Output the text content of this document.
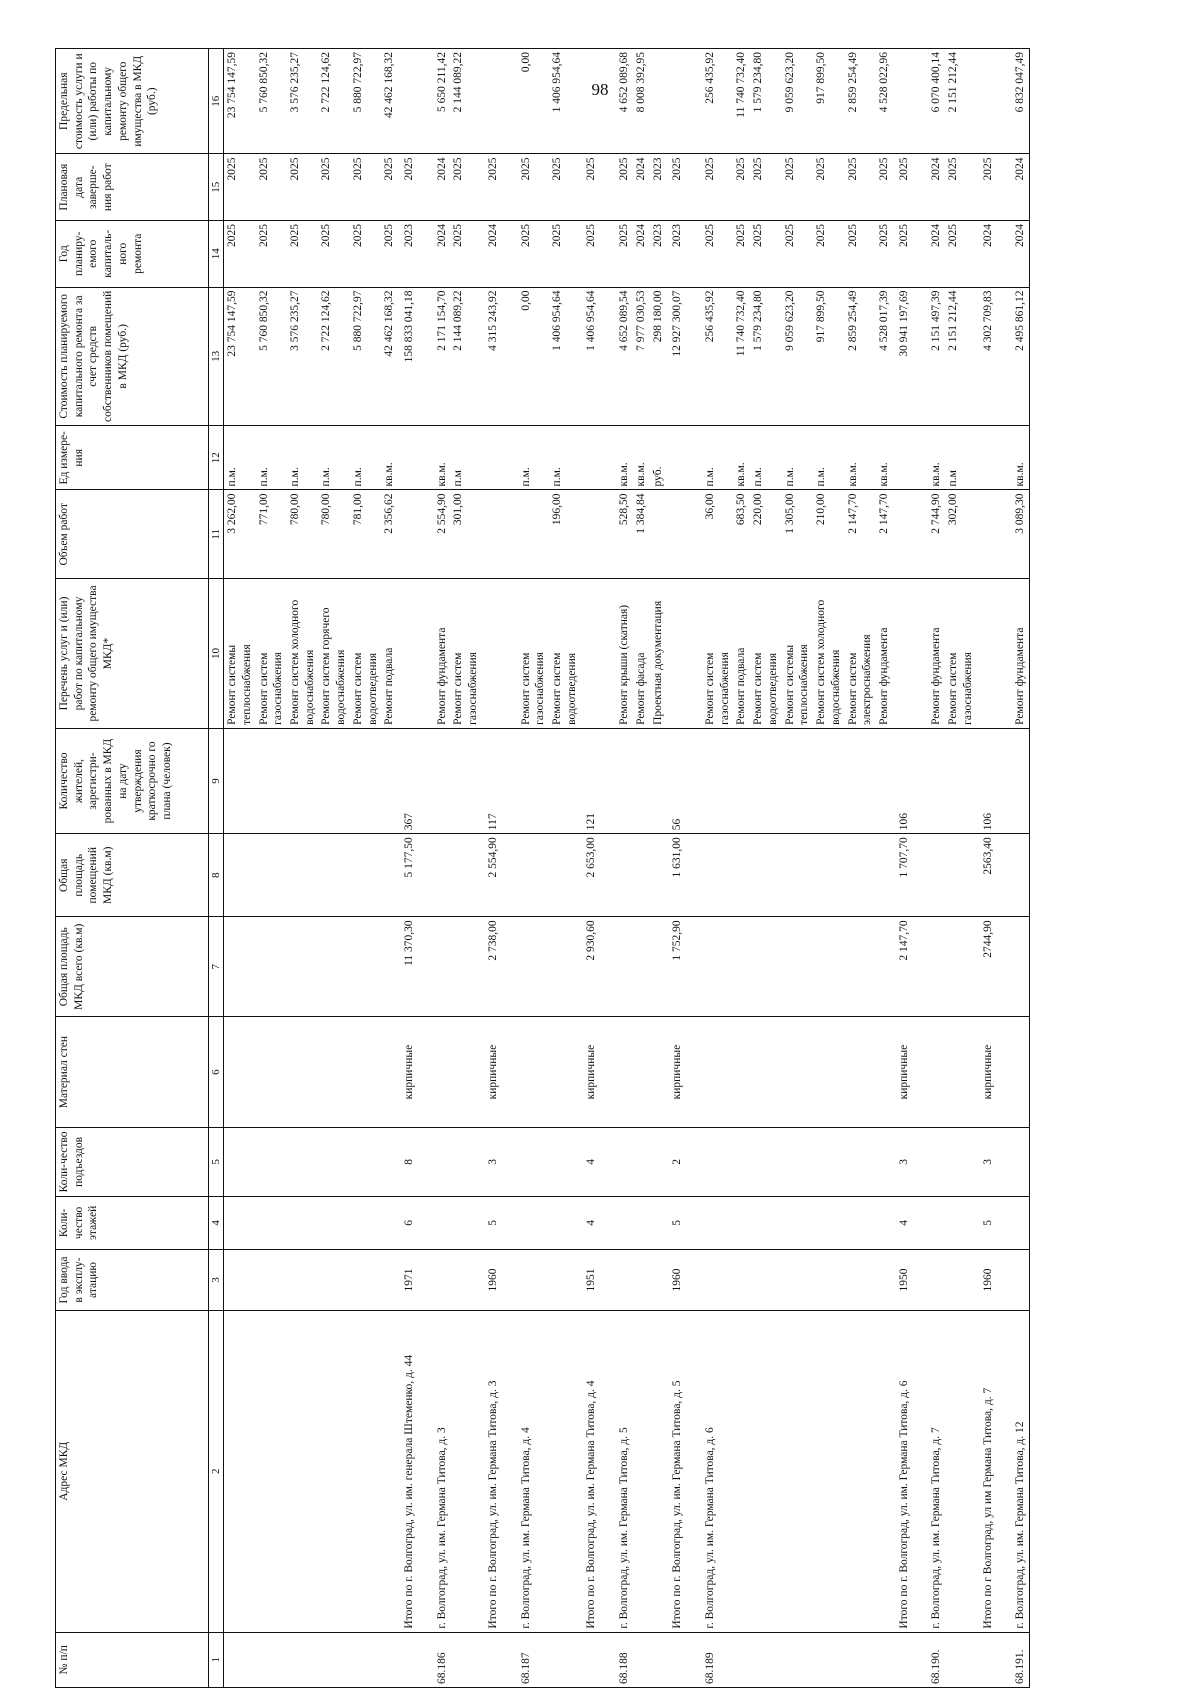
98
№ п/п	Адрес МКД	Год ввода в эксплу-атацию	Коли-чество этажей	Коли-чество подъездов	Материал стен	Общая площадь МКД всего (кв.м)	Общая площадь помещений МКД (кв.м)	Количество жителей, зарегистри-рованных в МКД на дату утверждения краткосрочно го плана (человек)	Перечень услуг и (или) работ по капитальному ремонту общего имущества МКД*	Объем работ	Ед измере-ния	Стоимость планируемого капитального ремонта за счет средств собственников помещений в МКД (руб.)	Год планиру-емого капиталь-ного ремонта	Плановая дата заверше-ния работ	Предельная стоимость услуги и (или) работы по капитальному ремонту общего имущества в МКД (руб.)
1	2	3	4	5	6	7	8	9	10	11	12	13	14	15	16
									Ремонт системы теплоснабжения	3 262,00	п.м.	23 754 147,59	2025	2025	23 754 147,59
									Ремонт систем газоснабжения	771,00	п.м.	5 760 850,32	2025	2025	5 760 850,32
									Ремонт систем холодного водоснабжения	780,00	п.м.	3 576 235,27	2025	2025	3 576 235,27
									Ремонт систем горячего водоснабжения	780,00	п.м.	2 722 124,62	2025	2025	2 722 124,62
									Ремонт систем водоотведения	781,00	п.м.	5 880 722,97	2025	2025	5 880 722,97
									Ремонт подвала	2 356,62	кв.м.	42 462 168,32	2025	2025	42 462 168,32
	Итого по г. Волгоград, ул. им. генерала Штеменко, д. 44	1971	6	8	кирпичные	11 370,30	5 177,50	367				158 833 041,18	2023	2025	
68.186	г. Волгоград, ул. им. Германа Титова, д. 3								Ремонт фундамента	2 554,90	кв.м.	2 171 154,70	2024	2024	5 650 211,42
									Ремонт систем газоснабжения	301,00	п.м	2 144 089,22	2025	2025	2 144 089,22
	Итого по г. Волгоград, ул. им. Германа Титова, д. 3	1960	5	3	кирпичные	2 738,00	2 554,90	117				4 315 243,92	2024	2025	
68.187	г. Волгоград, ул. им. Германа Титова, д. 4								Ремонт систем газоснабжения		п.м.	0,00	2025	2025	0,00
									Ремонт систем водоотведения	196,00	п.м.	1 406 954,64	2025	2025	1 406 954,64
	Итого по г. Волгоград, ул. им. Германа Титова, д. 4	1951	4	4	кирпичные	2 930,60	2 653,00	121				1 406 954,64	2025	2025	
68.188	г. Волгоград, ул. им. Германа Титова, д. 5								Ремонт крыши (скатная)	528,50	кв.м.	4 652 089,54	2025	2025	4 652 089,68
									Ремонт фасада	1 384,84	кв.м.	7 977 030,53	2024	2024	8 008 392,95
									Проектная документация		руб.	298 180,00	2023	2023	
	Итого по г. Волгоград, ул. им. Германа Титова, д. 5	1960	5	2	кирпичные	1 752,90	1 631,00	56				12 927 300,07	2023	2025	
68.189	г. Волгоград, ул. им. Германа Титова, д. 6								Ремонт систем газоснабжения	36,00	п.м.	256 435,92	2025	2025	256 435,92
									Ремонт подвала	683,50	кв.м.	11 740 732,40	2025	2025	11 740 732,40
									Ремонт систем водоотведения	220,00	п.м.	1 579 234,80	2025	2025	1 579 234,80
									Ремонт системы теплоснабжения	1 305,00	п.м.	9 059 623,20	2025	2025	9 059 623,20
									Ремонт систем холодного водоснабжения	210,00	п.м.	917 899,50	2025	2025	917 899,50
									Ремонт систем электроснабжения	2 147,70	кв.м.	2 859 254,49	2025	2025	2 859 254,49
									Ремонт фундамента	2 147,70	кв.м.	4 528 017,39	2025	2025	4 528 022,96
	Итого по г. Волгоград, ул. им. Германа Титова, д. 6	1950	4	3	кирпичные	2 147,70	1 707,70	106				30 941 197,69	2025	2025	
68.190.	г. Волгоград, ул. им. Германа Титова, д. 7								Ремонт фундамента	2 744,90	кв.м.	2 151 497,39	2024	2024	6 070 400,14
									Ремонт систем газоснабжения	302,00	п.м	2 151 212,44	2025	2025	2 151 212,44
	Итого по г Волгоград, ул им Германа Титова, д. 7	1960	5	3	кирпичные	2744,90	2563,40	106				4 302 709,83	2024	2025	
68.191.	г. Волгоград, ул. им. Германа Титова, д. 12								Ремонт фундамента	3 089,30	кв.м.	2 495 861,12	2024	2024	6 832 047,49
